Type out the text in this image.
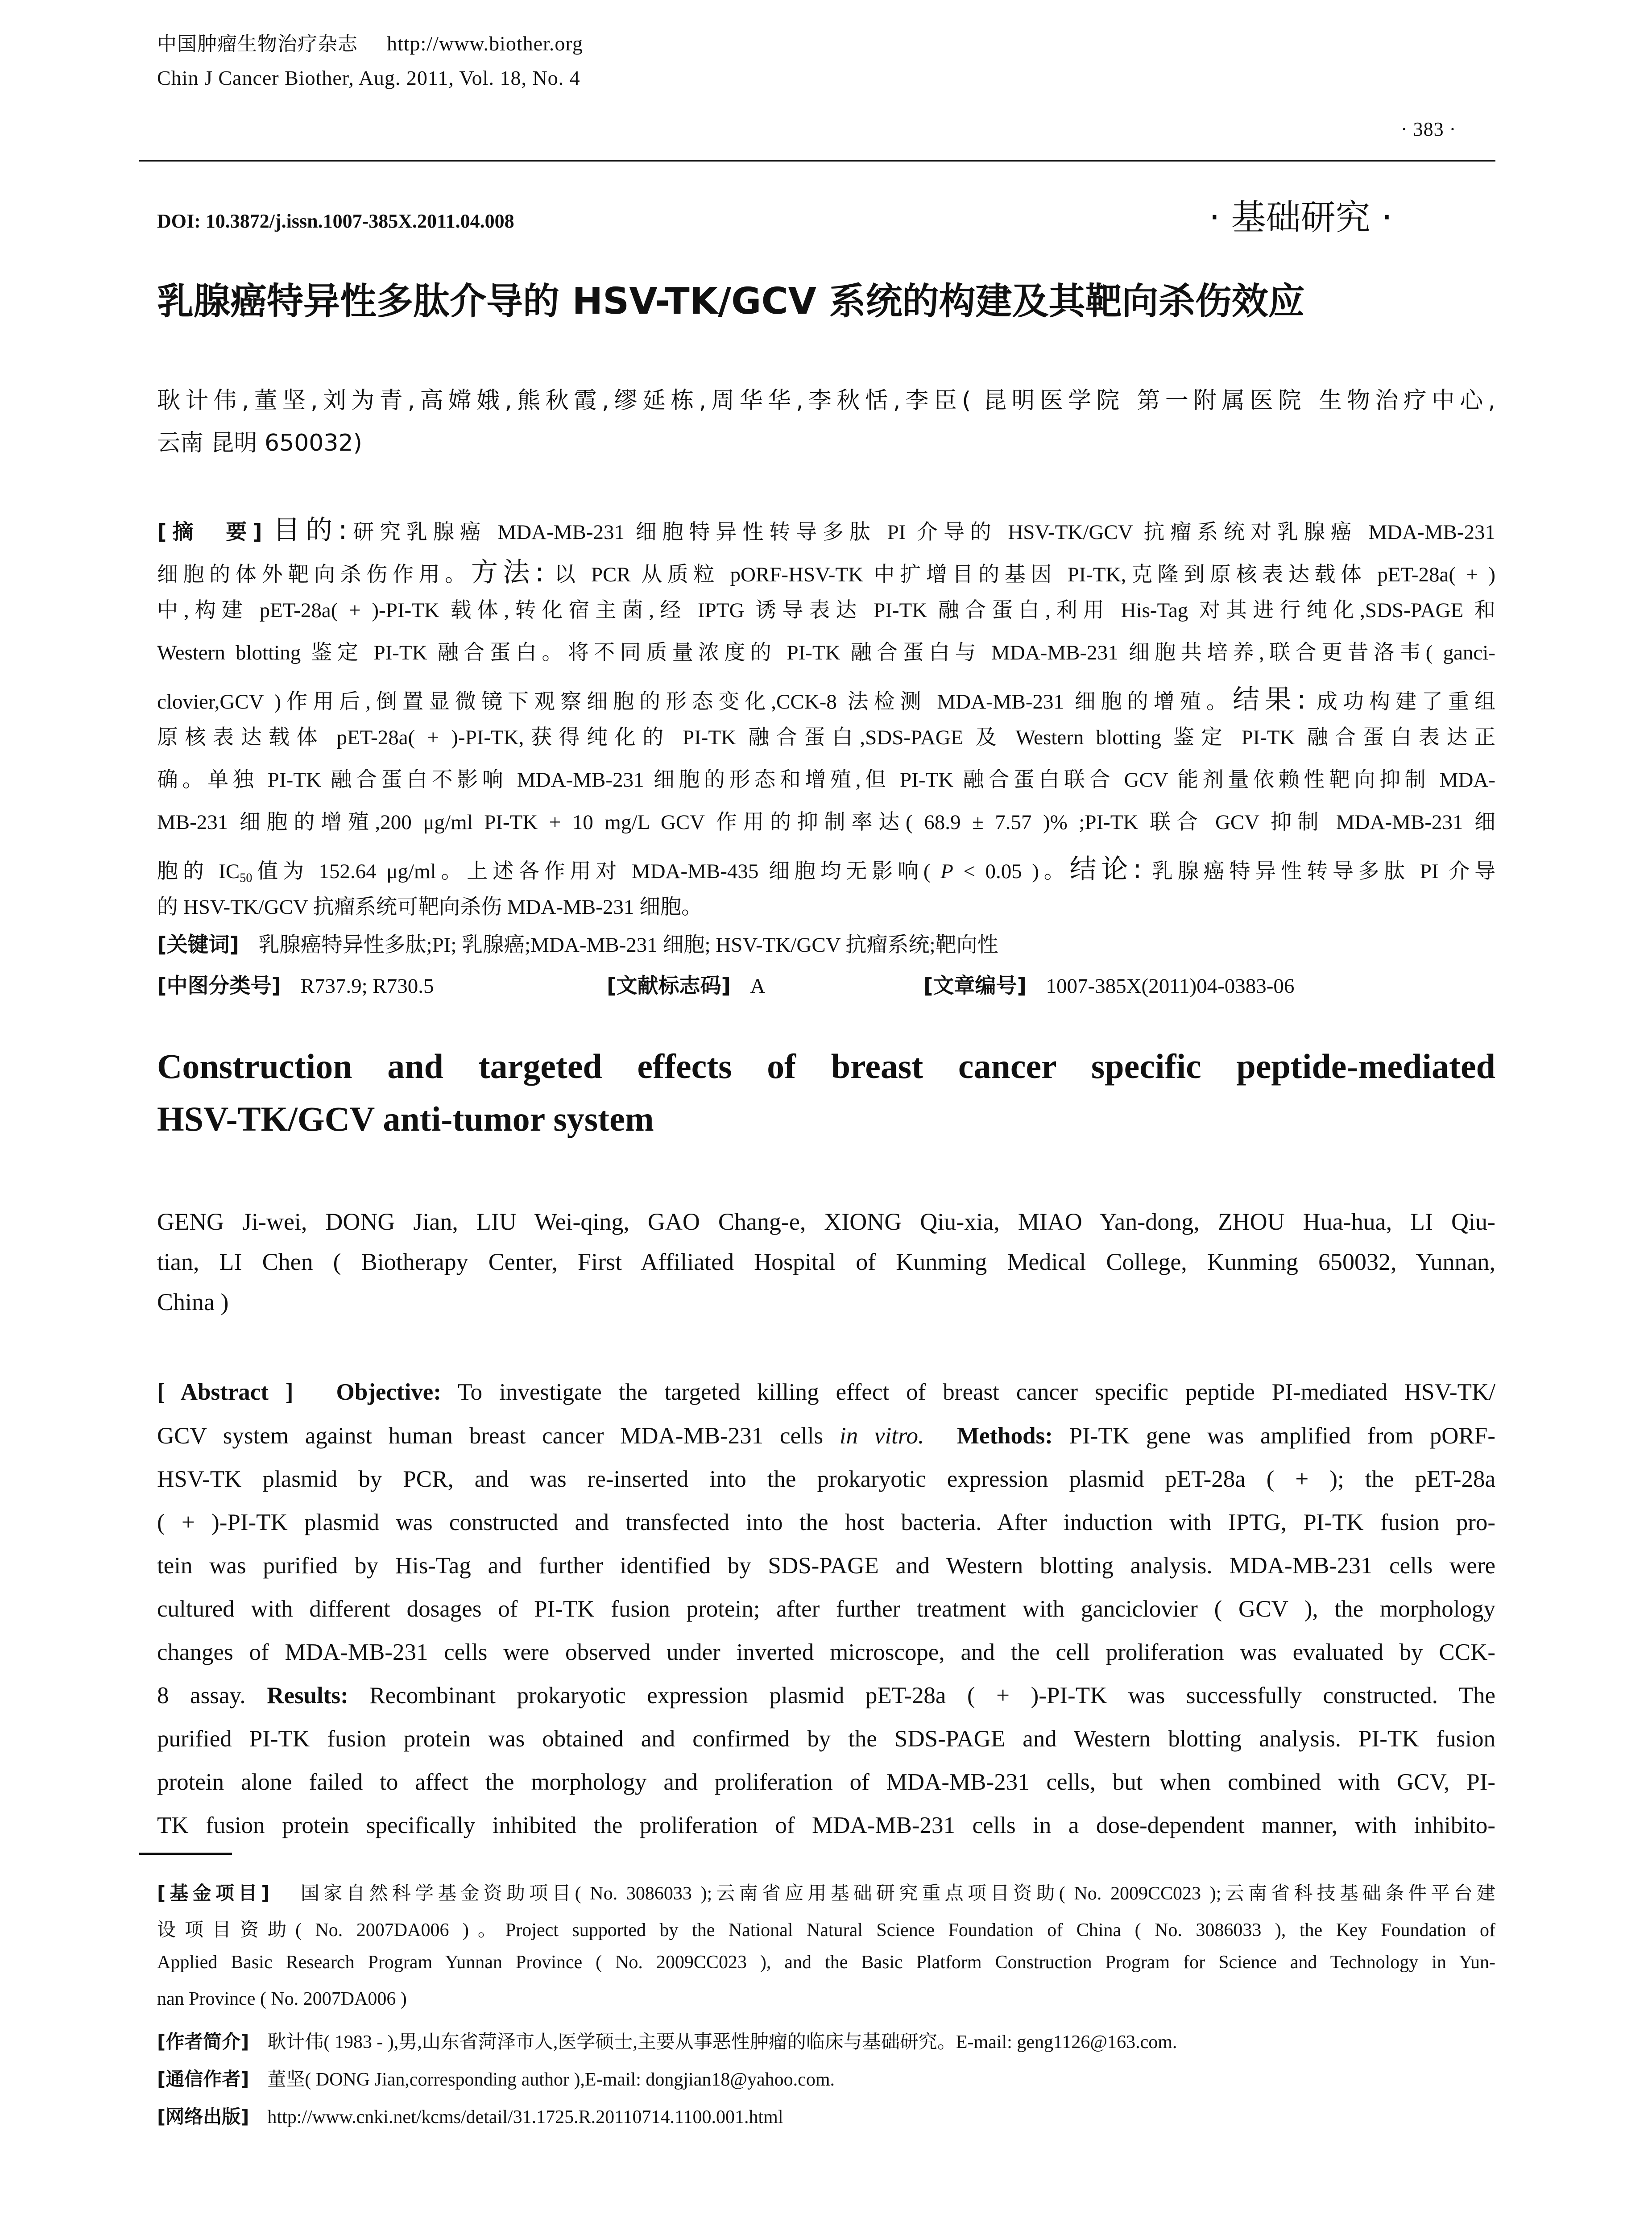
中国肿瘤生物治疗杂志 http://www.biother.org
Chin J Cancer Biother, Aug. 2011, Vol. 18, No. 4
· 383 ·
DOI: 10.3872/j.issn.1007-385X.2011.04.008	· 基础研究 ·
乳腺癌特异性多肽介导的 HSV-TK/GCV 系统的构建及其靶向杀伤效应
耿计伟,董坚,刘为青,高嫦娥,熊秋霞,缪延栋,周华华,李秋恬,李臣( 昆明医学院 第一附属医院 生物治疗中心,
云南 昆明 650032)
[摘　要] 目的:研究乳腺癌 MDA-MB-231 细胞特异性转导多肽 PI 介导的 HSV-TK/GCV 抗瘤系统对乳腺癌 MDA-MB-231
细胞的体外靶向杀伤作用。方法: 以 PCR 从质粒 pORF-HSV-TK 中扩增目的基因 PI-TK,克隆到原核表达载体 pET-28a( + )
中,构建 pET-28a( + )-PI-TK 载体,转化宿主菌,经 IPTG 诱导表达 PI-TK 融合蛋白,利用 His-Tag 对其进行纯化,SDS-PAGE 和
Western blotting 鉴定 PI-TK 融合蛋白。将不同质量浓度的 PI-TK 融合蛋白与 MDA-MB-231 细胞共培养,联合更昔洛韦( ganci-
clovier,GCV )作用后,倒置显微镜下观察细胞的形态变化,CCK-8 法检测 MDA-MB-231 细胞的增殖。结果: 成功构建了重组
原核表达载体 pET-28a( + )-PI-TK,获得纯化的 PI-TK 融合蛋白,SDS-PAGE 及 Western blotting 鉴定 PI-TK 融合蛋白表达正
确。单独 PI-TK 融合蛋白不影响 MDA-MB-231 细胞的形态和增殖,但 PI-TK 融合蛋白联合 GCV 能剂量依赖性靶向抑制 MDA-
MB-231 细胞的增殖,200 μg/ml PI-TK + 10 mg/L GCV 作用的抑制率达( 68.9 ± 7.57 )% ;PI-TK 联合 GCV 抑制 MDA-MB-231 细
胞的 $IC_{50}$值为 152.64 μg/ml。上述各作用对 MDA-MB-435 细胞均无影响( P < 0.05 )。结论: 乳腺癌特异性转导多肽 PI 介导
的 HSV-TK/GCV 抗瘤系统可靶向杀伤 MDA-MB-231 细胞。
[关键词] 乳腺癌特异性多肽;PI; 乳腺癌;MDA-MB-231 细胞; HSV-TK/GCV 抗瘤系统;靶向性
[中图分类号] R737.9; R730.5	[文献标志码] A	[文章编号] 1007-385X(2011)04-0383-06
Construction and targeted effects of breast cancer specific peptide-mediated
HSV-TK/GCV anti-tumor system
GENG Ji-wei, DONG Jian, LIU Wei-qing, GAO Chang-e, XIONG Qiu-xia, MIAO Yan-dong, ZHOU Hua-hua, LI Qiu-
tian, LI Chen ( Biotherapy Center, First Affiliated Hospital of Kunming Medical College, Kunming 650032, Yunnan,
China )
[ Abstract ] Objective: To investigate the targeted killing effect of breast cancer specific peptide PI-mediated HSV-TK/
GCV system against human breast cancer MDA-MB-231 cells in vitro. Methods: PI-TK gene was amplified from pORF-
HSV-TK plasmid by PCR, and was re-inserted into the prokaryotic expression plasmid pET-28a ( + ); the pET-28a
( + )-PI-TK plasmid was constructed and transfected into the host bacteria. After induction with IPTG, PI-TK fusion pro-
tein was purified by His-Tag and further identified by SDS-PAGE and Western blotting analysis. MDA-MB-231 cells were
cultured with different dosages of PI-TK fusion protein; after further treatment with ganciclovier ( GCV ), the morphology
changes of MDA-MB-231 cells were observed under inverted microscope, and the cell proliferation was evaluated by CCK-
8 assay. Results: Recombinant prokaryotic expression plasmid pET-28a ( + )-PI-TK was successfully constructed. The
purified PI-TK fusion protein was obtained and confirmed by the SDS-PAGE and Western blotting analysis. PI-TK fusion
protein alone failed to affect the morphology and proliferation of MDA-MB-231 cells, but when combined with GCV, PI-
TK fusion protein specifically inhibited the proliferation of MDA-MB-231 cells in a dose-dependent manner, with inhibito-
[基金项目] 国家自然科学基金资助项目( No. 3086033 );云南省应用基础研究重点项目资助( No. 2009CC023 );云南省科技基础条件平台建
设项目资助( No. 2007DA006 )。Project supported by the National Natural Science Foundation of China ( No. 3086033 ), the Key Foundation of
Applied Basic Research Program Yunnan Province ( No. 2009CC023 ), and the Basic Platform Construction Program for Science and Technology in Yun-
nan Province ( No. 2007DA006 )
[作者简介] 耿计伟( 1983 - ),男,山东省菏泽市人,医学硕士,主要从事恶性肿瘤的临床与基础研究。E-mail: geng1126@163.com.
[通信作者] 董坚( DONG Jian,corresponding author ),E-mail: dongjian18@yahoo.com.
[网络出版] http://www.cnki.net/kcms/detail/31.1725.R.20110714.1100.001.html
